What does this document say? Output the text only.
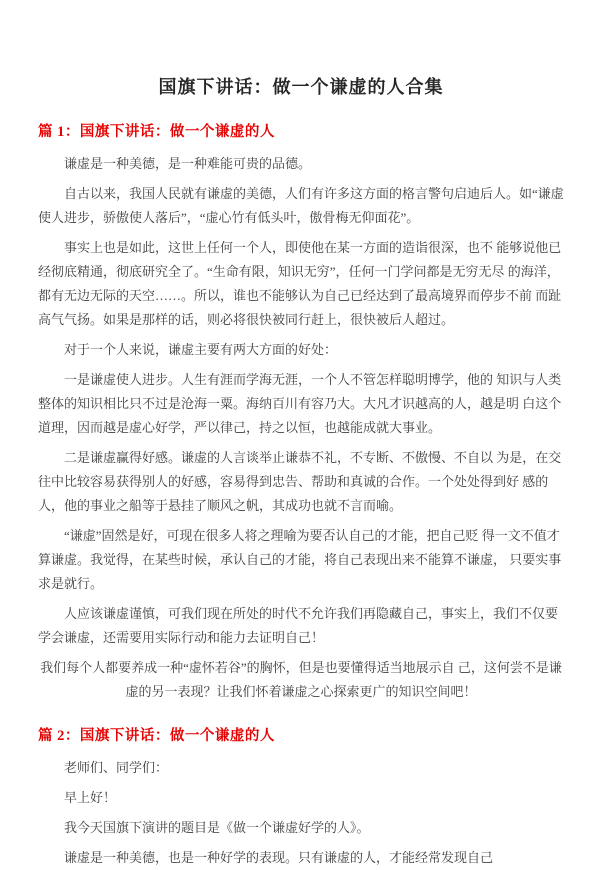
国旗下讲话：做一个谦虚的人合集
篇 1：国旗下讲话：做一个谦虚的人

谦虚是一种美德，是一种难能可贵的品德。

自古以来，我国人民就有谦虚的美德，人们有许多这方面的格言警句启迪后人。如“谦虚使人进步，骄傲使人落后”，“虚心竹有低头叶，傲骨梅无仰面花”。

事实上也是如此，这世上任何一个人，即使他在某一方面的造诣很深，也不 能够说他已经彻底精通，彻底研究全了。“生命有限，知识无穷”，任何一门学问都是无穷无尽 的海洋，都有无边无际的天空……。所以，谁也不能够认为自己已经达到了最高境界而停步不前 而趾高气气扬。如果是那样的话，则必将很快被同行赶上，很快被后人超过。

对于一个人来说，谦虚主要有两大方面的好处：

一是谦虚使人进步。人生有涯而学海无涯，一个人不管怎样聪明博学，他的 知识与人类整体的知识相比只不过是沧海一粟。海纳百川有容乃大。大凡才识越高的人，越是明 白这个道理，因而越是虚心好学，严以律己，持之以恒，也越能成就大事业。

二是谦虚赢得好感。谦虚的人言谈举止谦恭不礼，不专断、不傲慢、不自以 为是，在交往中比较容易获得别人的好感，容易得到忠告、帮助和真诚的合作。一个处处得到好 感的人，他的事业之船等于悬挂了顺风之帆，其成功也就不言而喻。

“谦虚”固然是好，可现在很多人将之理喻为要否认自己的才能，把自己贬 得一文不值才算谦虚。我觉得，在某些时候，承认自己的才能，将自己表现出来不能算不谦虚， 只要实事求是就行。

人应该谦虚谨慎，可我们现在所处的时代不允许我们再隐藏自己，事实上，我们不仅要学会谦虚，还需要用实际行动和能力去证明自己！

我们每个人都要养成一种“虚怀若谷”的胸怀，但是也要懂得适当地展示自 己，这何尝不是谦虚的另一表现？让我们怀着谦虚之心探索更广的知识空间吧！

篇 2：国旗下讲话：做一个谦虚的人

老师们、同学们：

早上好！

我今天国旗下演讲的题目是《做一个谦虚好学的人》。

谦虚是一种美德，也是一种好学的表现。只有谦虚的人，才能经常发现自己
